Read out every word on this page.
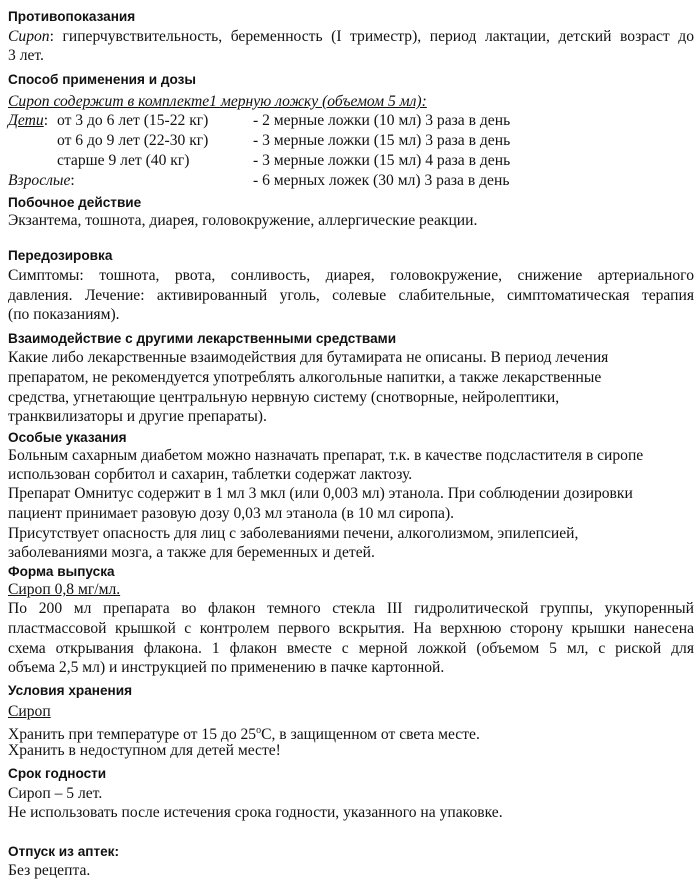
Противопоказания
Сироп: гиперчувствительность, беременность (I триместр), период лактации, детский возраст до
3 лет.
Способ применения и дозы
Сироп содержит в комплекте1 мерную ложку (объемом 5 мл):
Дети: от 3 до 6 лет (15-22 кг)	- 2 мерные ложки (10 мл) 3 раза в день
от 6 до 9 лет (22-30 кг)	- 3 мерные ложки (15 мл) 3 раза в день
старше 9 лет (40 кг)	- 3 мерные ложки (15 мл) 4 раза в день
Взрослые:	- 6 мерных ложек (30 мл) 3 раза в день
Побочное действие
Экзантема, тошнота, диарея, головокружение, аллергические реакции.
Передозировка
Симптомы: тошнота, рвота, сонливость, диарея, головокружение, снижение артериального
давления. Лечение: активированный уголь, солевые слабительные, симптоматическая терапия
(по показаниям).
Взаимодействие с другими лекарственными средствами
Какие либо лекарственные взаимодействия для бутамирата не описаны. В период лечения
препаратом, не рекомендуется употреблять алкогольные напитки, а также лекарственные
средства, угнетающие центральную нервную систему (снотворные, нейролептики,
транквилизаторы и другие препараты).
Особые указания
Больным сахарным диабетом можно назначать препарат, т.к. в качестве подсластителя в сиропе
использован сорбитол и сахарин, таблетки содержат лактозу.
Препарат Омнитус содержит в 1 мл 3 мкл (или 0,003 мл) этанола. При соблюдении дозировки
пациент принимает разовую дозу 0,03 мл этанола (в 10 мл сиропа).
Присутствует опасность для лиц с заболеваниями печени, алкоголизмом, эпилепсией,
заболеваниями мозга, а также для беременных и детей.
Форма выпуска
Сироп 0,8 мг/мл.
По 200 мл препарата во флакон темного стекла III гидролитической группы, укупоренный
пластмассовой крышкой с контролем первого вскрытия. На верхнюю сторону крышки нанесена
схема открывания флакона. 1 флакон вместе с мерной ложкой (объемом 5 мл, с риской для
объема 2,5 мл) и инструкцией по применению в пачке картонной.
Условия хранения
Сироп
Хранить при температуре от 15 до $25^оС$, в защищенном от света месте.
Хранить в недоступном для детей месте!
Срок годности
Сироп – 5 лет.
Не использовать после истечения срока годности, указанного на упаковке.
Отпуск из аптек:
Без рецепта.
